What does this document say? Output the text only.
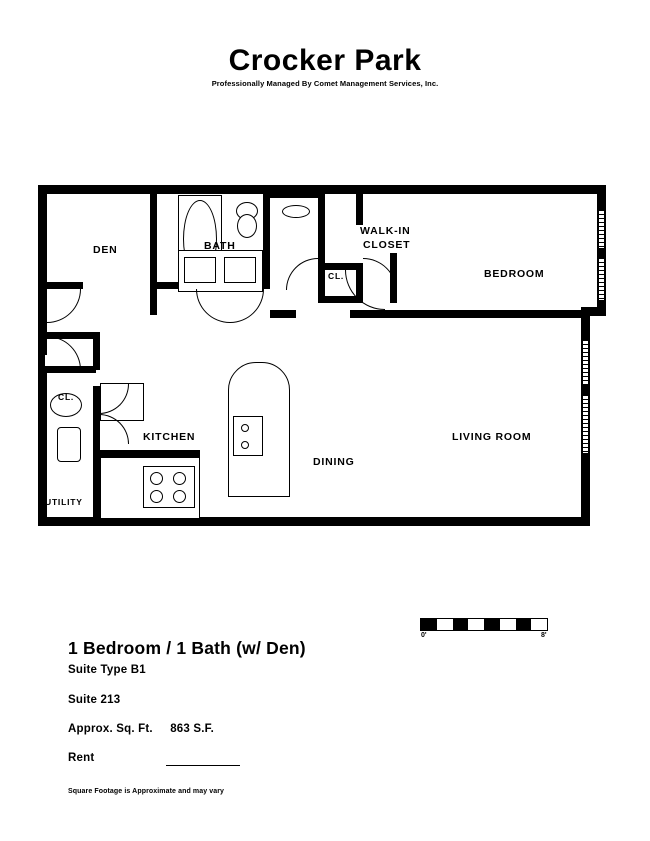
Crocker Park
Professionally Managed By Comet Management Services, Inc.
DEN	BATH
WALK-IN
CLOSET
BEDROOM
CL.
CL.
KITCHEN
DINING
LIVING ROOM
UTILITY
0'	8'
1 Bedroom / 1 Bath (w/ Den)
Suite Type B1
Suite 213
Approx. Sq. Ft. 863 S.F.
Rent
Square Footage is Approximate and may vary
